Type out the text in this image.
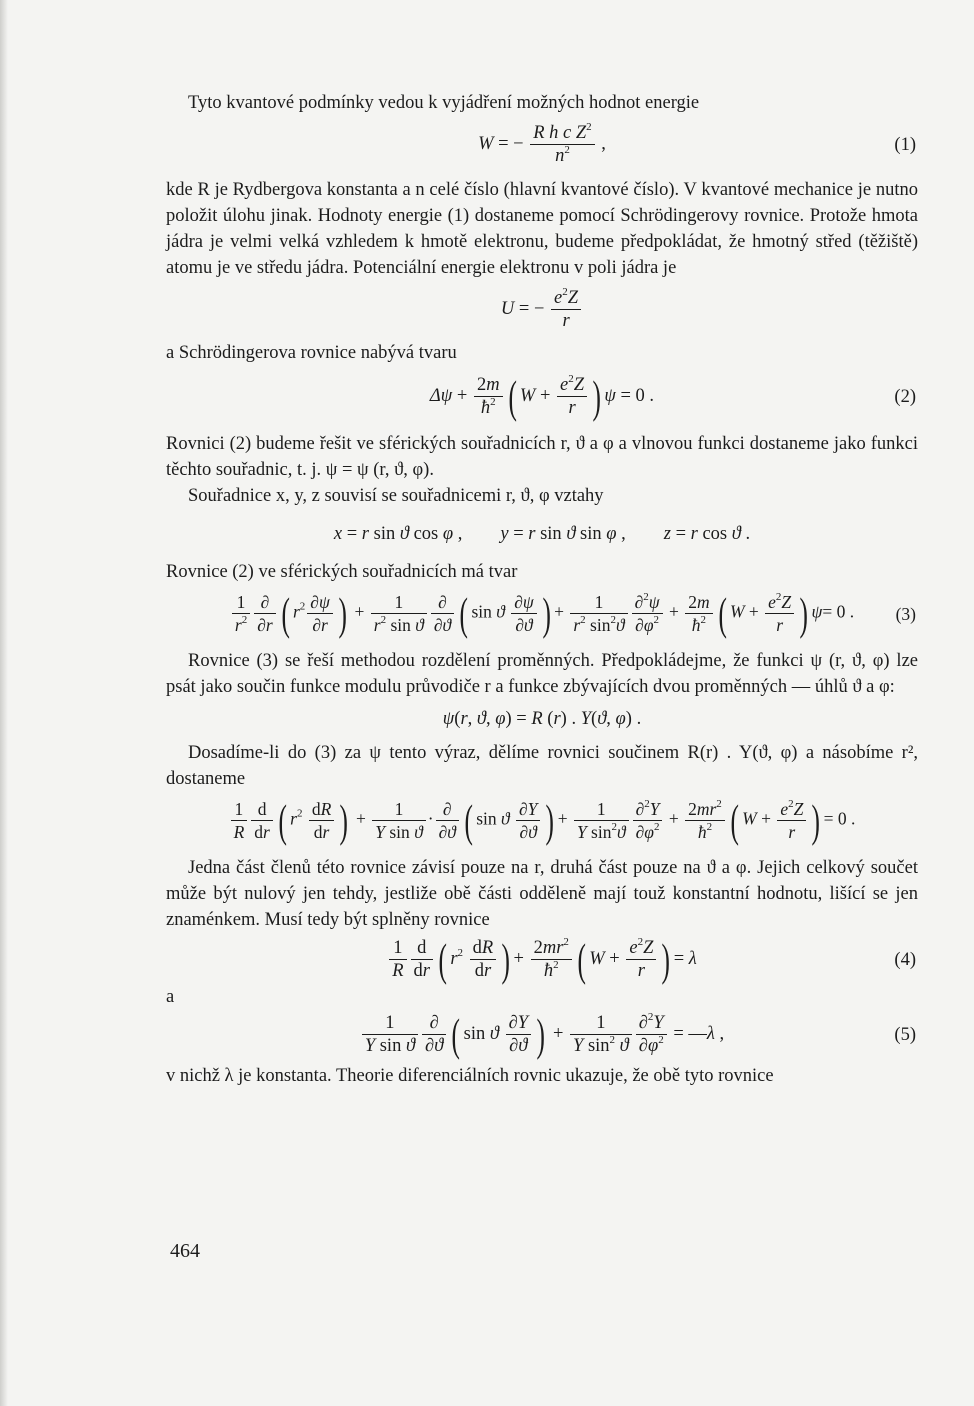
Tyto kvantové podmínky vedou k vyjádření možných hodnot energie

W = − $\frac{R h c Z^2}{n^2}$ ,	(1)

kde R je Rydbergova konstanta a n celé číslo (hlavní kvantové číslo). V kvantové mechanice je nutno položit úlohu jinak. Hodnoty energie (1) dostaneme pomocí Schrödingerovy rovnice. Protože hmota jádra je velmi velká vzhledem k hmotě elektronu, budeme předpokládat, že hmotný střed (těžiště) atomu je ve středu jádra. Potenciální energie elektronu v poli jádra je

U = − $\frac{e^2Z}{r}$

a Schrödingerova rovnice nabývá tvaru

$\Delta\psi + \frac{2m}{ħ^2}$ ( $W + \frac{e^2Z}{r}$ ) ψ = 0 .	(2)

Rovnici (2) budeme řešit ve sférických souřadnicích r, ϑ a φ a vlnovou funkci dostaneme jako funkci těchto souřadnic, t. j. ψ = ψ (r, ϑ, φ).

Souřadnice x, y, z souvisí se souřadnicemi r, ϑ, φ vztahy

x = r sin ϑ cos φ , y = r sin ϑ sin φ , z = r cos ϑ .

Rovnice (2) ve sférických souřadnicích má tvar

$\frac{1}{r^2} \frac{\partial}{\partial r}$ ( $r^2 \frac{\partial\psi}{\partial r}$ ) + $\frac{1}{r^2 \sin ϑ} \frac{\partial}{\partial ϑ}$ ( sin ϑ $\frac{\partial\psi}{\partial ϑ}$ ) + $\frac{1}{r^2 \sin^2ϑ} \frac{\partial^2\psi}{\partial\varphi^2} + \frac{2m}{ħ^2}$ ( $W + \frac{e^2Z}{r}$ ) ψ= 0 . (3)

Rovnice (3) se řeší methodou rozdělení proměnných. Předpokládejme, že funkci ψ (r, ϑ, φ) lze psát jako součin funkce modulu průvodiče r a funkce zbývajících dvou proměnných — úhlů ϑ a φ:

ψ(r, ϑ, φ) = R (r) . Y(ϑ, φ) .

Dosadíme-li do (3) za ψ tento výraz, dělíme rovnici součinem R(r) . Y(ϑ, φ) a násobíme r², dostaneme

$\frac{1}{R} \frac{d}{dr}$ ( $r^2 \frac{dR}{dr}$ ) + $\frac{1}{\text{Y sin ϑ}} \cdot \frac{\partial}{\partial ϑ}$ ( sin ϑ $\frac{\partial Y}{\partial ϑ}$ ) + $\frac{1}{Y \sin^2ϑ} \frac{\partial^2Y}{\partial\varphi^2} + \frac{2mr^2}{ħ^2}$ ( $W + \frac{e^2Z}{r}$ ) = 0 .

Jedna část členů této rovnice závisí pouze na r, druhá část pouze na ϑ a φ. Jejich celkový součet může být nulový jen tehdy, jestliže obě části odděleně mají touž konstantní hodnotu, lišící se jen znaménkem. Musí tedy být splněny rovnice

$\frac{1}{R} \frac{d}{dr}$ ( $r^2 \frac{dR}{dr}$ ) + $\frac{2mr^2}{ħ^2}$ ( $W + \frac{e^2Z}{r}$ ) = λ	(4)

a

$\frac{1}{\text{Y sin ϑ}} \frac{\partial}{\partial ϑ}$ ( sin ϑ $\frac{\partial Y}{\partial ϑ}$ ) + $\frac{1}{Y \sin^2 ϑ} \frac{\partial^2Y}{\partial\varphi^2}$ = —λ ,	(5)

v nichž λ je konstanta. Theorie diferenciálních rovnic ukazuje, že obě tyto rovnice

464
